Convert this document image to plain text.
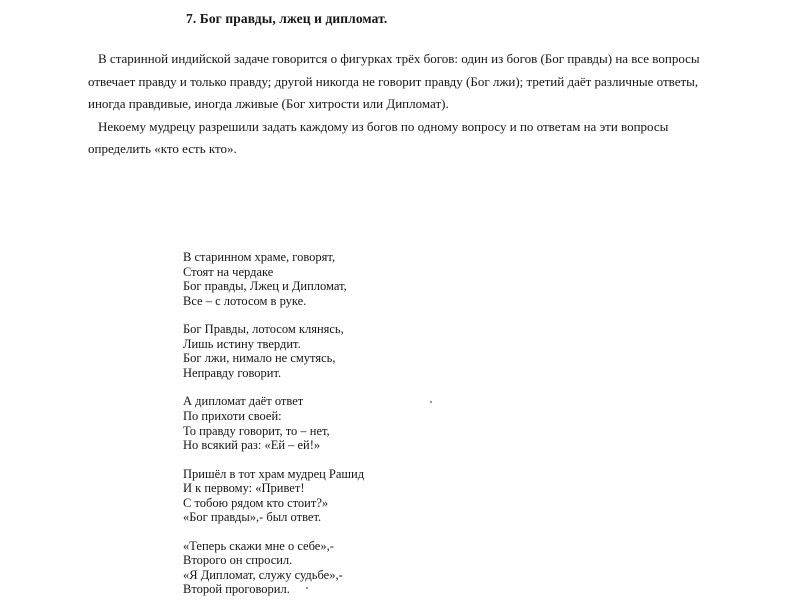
7. Бог правды, лжец и дипломат.

В старинной индийской задаче говорится о фигурках трёх богов: один из богов (Бог правды) на все вопросы отвечает правду и только правду; другой никогда не говорит правду (Бог лжи); третий даёт различные ответы, иногда правдивые, иногда лживые (Бог хитрости или Дипломат).

Некоему мудрецу разрешили задать каждому из богов по одному вопросу и по ответам на эти вопросы определить «кто есть кто».

В старинном храме, говорят,
Стоят на чердаке
Бог правды, Лжец и Дипломат,
Все – с лотосом в руке.
Бог Правды, лотосом клянясь,
Лишь истину твердит.
Бог лжи, нимало не смутясь,
Неправду говорит.
А дипломат даёт ответ
По прихоти своей:
То правду говорит, то – нет,
Но всякий раз: «Ей – ей!»
Пришёл в тот храм мудрец Рашид
И к первому: «Привет!
С тобою рядом кто стоит?»
«Бог правды»,- был ответ.
«Теперь скажи мне о себе»,-
Второго он спросил.
«Я Дипломат, служу судьбе»,-
Второй проговорил.
